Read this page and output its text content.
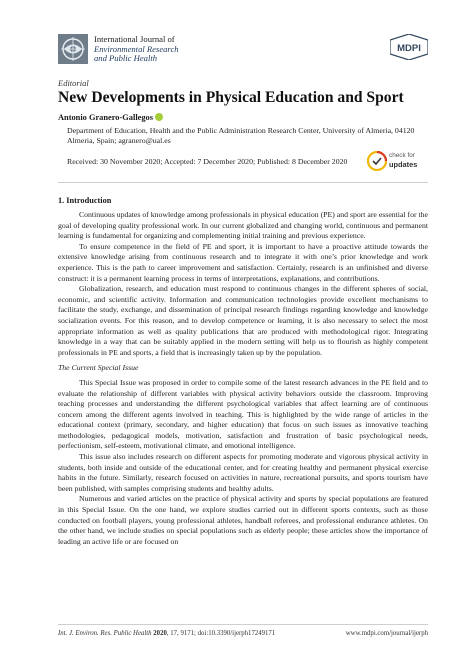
International Journal of
Environmental Research
and Public Health
MDPI
Editorial
New Developments in Physical Education and Sport
Antonio Granero-Gallegos
Department of Education, Health and the Public Administration Research Center, University of Almeria, 04120 Almeria, Spain; agranero@ual.es
Received: 30 November 2020; Accepted: 7 December 2020; Published: 8 December 2020
check for
updates
1. Introduction

Continuous updates of knowledge among professionals in physical education (PE) and sport are essential for the goal of developing quality professional work. In our current globalized and changing world, continuous and permanent learning is fundamental for organizing and complementing initial training and previous experience.

To ensure competence in the field of PE and sport, it is important to have a proactive attitude towards the extensive knowledge arising from continuous research and to integrate it with one’s prior knowledge and work experience. This is the path to career improvement and satisfaction. Certainly, research is an unfinished and diverse construct: it is a permanent learning process in terms of interpretations, explanations, and contributions.

Globalization, research, and education must respond to continuous changes in the different spheres of social, economic, and scientific activity. Information and communication technologies provide excellent mechanisms to facilitate the study, exchange, and dissemination of principal research findings regarding knowledge and knowledge socialization events. For this reason, and to develop competence or learning, it is also necessary to select the most appropriate information as well as quality publications that are produced with methodological rigor. Integrating knowledge in a way that can be suitably applied in the modern setting will help us to flourish as highly competent professionals in PE and sports, a field that is increasingly taken up by the population.

The Current Special Issue

This Special Issue was proposed in order to compile some of the latest research advances in the PE field and to evaluate the relationship of different variables with physical activity behaviors outside the classroom. Improving teaching processes and understanding the different psychological variables that affect learning are of continuous concern among the different agents involved in teaching. This is highlighted by the wide range of articles in the educational context (primary, secondary, and higher education) that focus on such issues as innovative teaching methodologies, pedagogical models, motivation, satisfaction and frustration of basic psychological needs, perfectionism, self-esteem, motivational climate, and emotional intelligence.

This issue also includes research on different aspects for promoting moderate and vigorous physical activity in students, both inside and outside of the educational center, and for creating healthy and permanent physical exercise habits in the future. Similarly, research focused on activities in nature, recreational pursuits, and sports tourism have been published, with samples comprising students and healthy adults.

Numerous and varied articles on the practice of physical activity and sports by special populations are featured in this Special Issue. On the one hand, we explore studies carried out in different sports contexts, such as those conducted on football players, young professional athletes, handball referees, and professional endurance athletes. On the other hand, we include studies on special populations such as elderly people; these articles show the importance of leading an active life or are focused on

Int. J. Environ. Res. Public Health 2020, 17, 9171; doi:10.3390/ijerph17249171	www.mdpi.com/journal/ijerph
